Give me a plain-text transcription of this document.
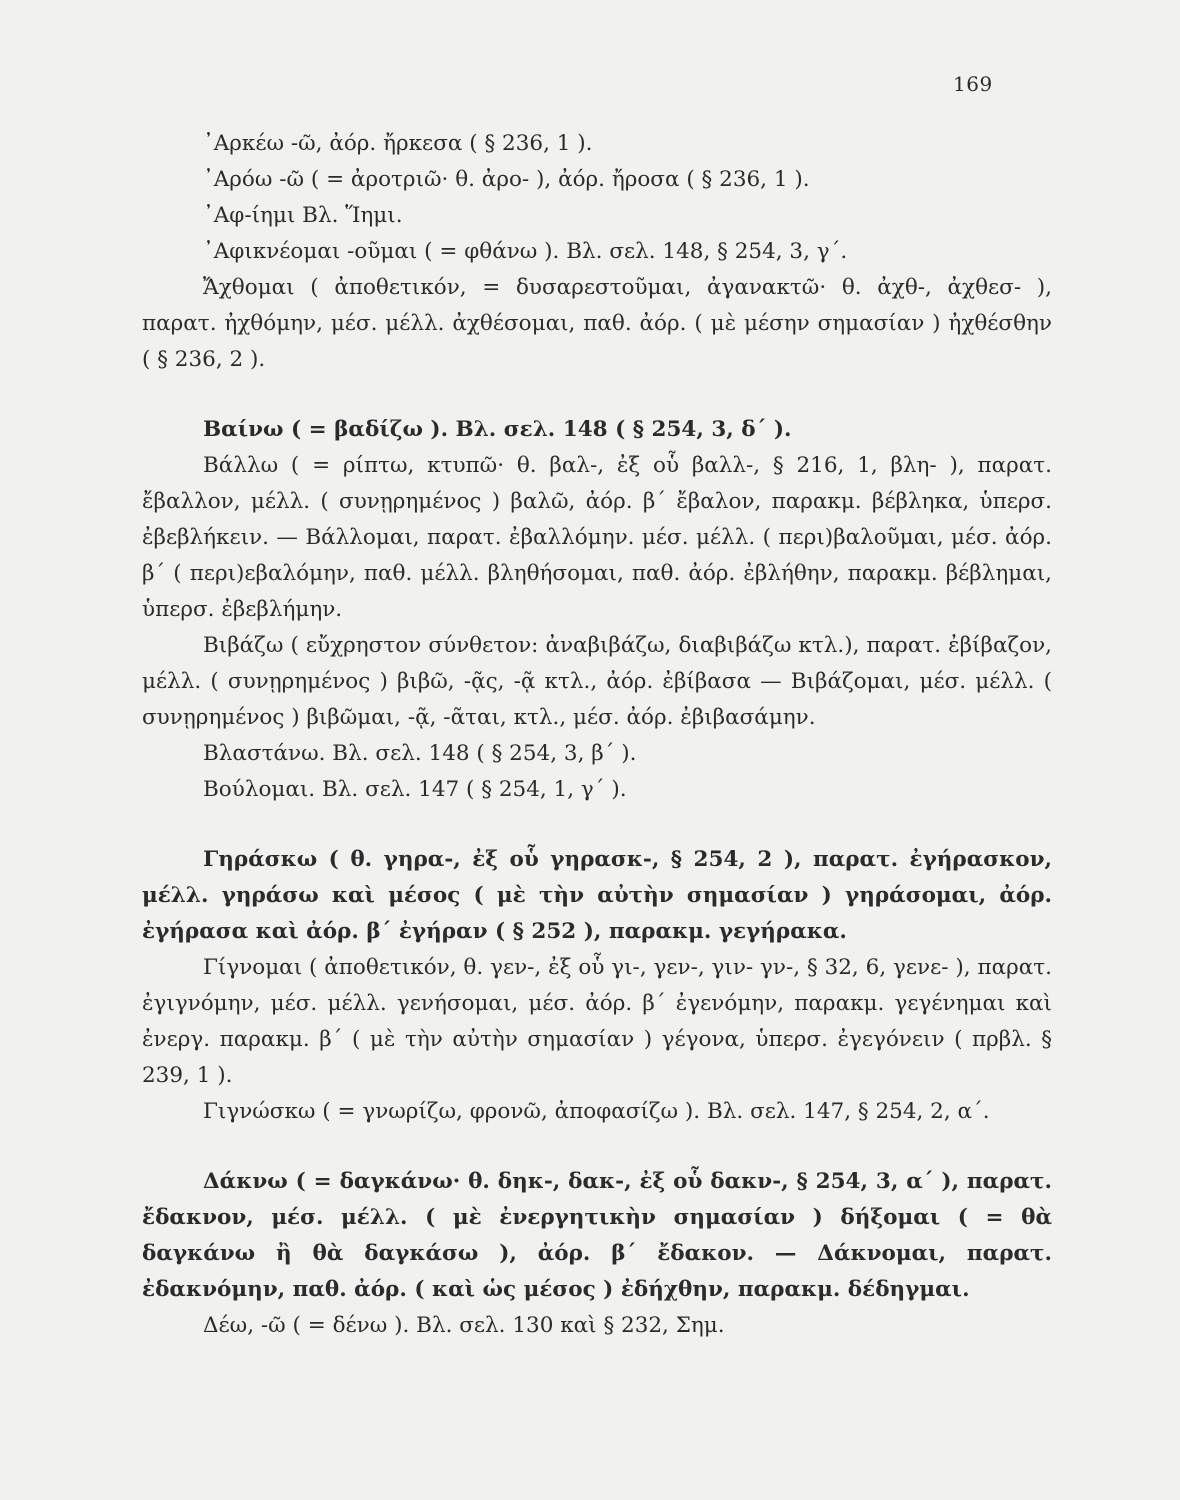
169

᾿Αρκέω -ῶ, ἀόρ. ἤρκεσα ( § 236, 1 ).

᾿Αρόω -ῶ ( = ἀροτριῶ· θ. ἀρο- ), ἀόρ. ἤροσα ( § 236, 1 ).

᾿Αφ-ίημι Βλ. Ἵημι.

᾿Αφικνέομαι -οῦμαι ( = φθάνω ). Βλ. σελ. 148, § 254, 3, γ΄.

Ἄχθομαι ( ἀποθετικόν, = δυσαρεστοῦμαι, ἀγανακτῶ· θ. ἀχθ-, ἀχθεσ- ), παρατ. ἠχθόμην, μέσ. μέλλ. ἀχθέσομαι, παθ. ἀόρ. ( μὲ μέσην σημασίαν ) ἠχθέσθην ( § 236, 2 ).

Βαίνω ( = βαδίζω ). Βλ. σελ. 148 ( § 254, 3, δ΄ ).

Βάλλω ( = ρίπτω, κτυπῶ· θ. βαλ-, ἐξ οὗ βαλλ-, § 216, 1, βλη- ), παρατ. ἔβαλλον, μέλλ. ( συνῃρημένος ) βαλῶ, ἀόρ. β΄ ἔβαλον, παρακμ. βέβληκα, ὑπερσ. ἐβεβλήκειν. — Βάλλομαι, παρατ. ἐβαλλόμην. μέσ. μέλλ. ( περι)βαλοῦμαι, μέσ. ἀόρ. β΄ ( περι)εβαλόμην, παθ. μέλλ. βληθήσομαι, παθ. ἀόρ. ἐβλήθην, παρακμ. βέβλημαι, ὑπερσ. ἐβεβλήμην.

Βιβάζω ( εὔχρηστον σύνθετον: ἀναβιβάζω, διαβιβάζω κτλ.), παρατ. ἐβίβαζον, μέλλ. ( συνῃρημένος ) βιβῶ, -ᾷς, -ᾷ κτλ., ἀόρ. ἐβίβασα — Βιβάζομαι, μέσ. μέλλ. ( συνῃρημένος ) βιβῶμαι, -ᾷ, -ᾶται, κτλ., μέσ. ἀόρ. ἐβιβασάμην.

Βλαστάνω. Βλ. σελ. 148 ( § 254, 3, β΄ ).

Βούλομαι. Βλ. σελ. 147 ( § 254, 1, γ΄ ).

Γηράσκω ( θ. γηρα-, ἐξ οὗ γηρασκ-, § 254, 2 ), παρατ. ἐγήρασκον, μέλλ. γηράσω καὶ μέσος ( μὲ τὴν αὐτὴν σημασίαν ) γηράσομαι, ἀόρ. ἐγήρασα καὶ ἀόρ. β΄ ἐγήραν ( § 252 ), παρακμ. γεγήρακα.

Γίγνομαι ( ἀποθετικόν, θ. γεν-, ἐξ οὗ γι-, γεν-, γιν- γν-, § 32, 6, γενε- ), παρατ. ἐγιγνόμην, μέσ. μέλλ. γενήσομαι, μέσ. ἀόρ. β΄ ἐγενόμην, παρακμ. γεγένημαι καὶ ἐνεργ. παρακμ. β΄ ( μὲ τὴν αὐτὴν σημασίαν ) γέγονα, ὑπερσ. ἐγεγόνειν ( πρβλ. § 239, 1 ).

Γιγνώσκω ( = γνωρίζω, φρονῶ, ἀποφασίζω ). Βλ. σελ. 147, § 254, 2, α΄.

Δάκνω ( = δαγκάνω· θ. δηκ-, δακ-, ἐξ οὗ δακν-, § 254, 3, α΄ ), παρατ. ἔδακνον, μέσ. μέλλ. ( μὲ ἐνεργητικὴν σημασίαν ) δήξομαι ( = θὰ δαγκάνω ἢ θὰ δαγκάσω ), ἀόρ. β΄ ἔδακον. — Δάκνομαι, παρατ. ἐδακνόμην, παθ. ἀόρ. ( καὶ ὡς μέσος ) ἐδήχθην, παρακμ. δέδηγμαι.

Δέω, -ῶ ( = δένω ). Βλ. σελ. 130 καὶ § 232, Σημ.
